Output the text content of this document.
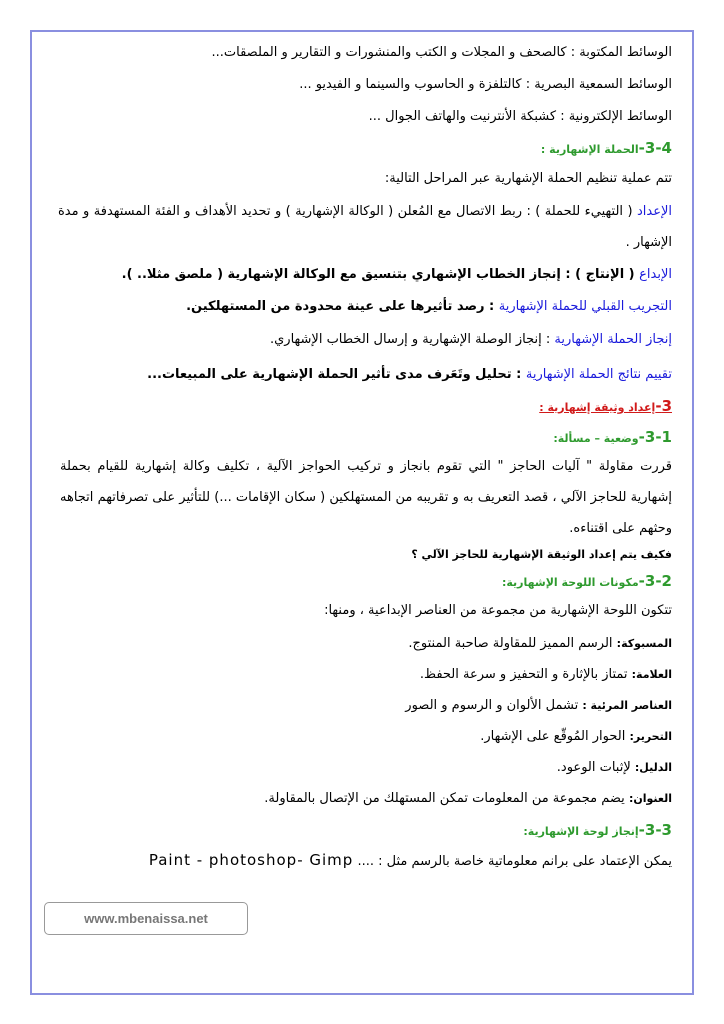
الوسائط المكتوبة : كالصحف و المجلات و الكتب والمنشورات و التقارير و الملصقات...
الوسائط السمعية البصرية : كالتلفزة و الحاسوب والسينما و الفيديو ...
الوسائط الإلكترونية : كشبكة الأنترنيت والهاتف الجوال ...
3-4-الحملة الإشهارية :
تتم عملية تنظيم الحملة الإشهارية عبر المراحل التالية:
الإعداد ( التهييء للحملة ) : ربط الاتصال مع المُعلن ( الوكالة الإشهارية ) و تحديد الأهداف و الفئة المستهدفة و مدة الإشهار .
الإبداع ( الإنتاج ) : إنجاز الخطاب الإشهاري بتنسيق مع الوكالة الإشهارية ( ملصق مثلا.. ).
التجريب القبلي للحملة الإشهارية : رصد تأثيرها على عينة محدودة من المستهلكين.
إنجاز الحملة الإشهارية : إنجاز الوصلة الإشهارية و إرسال الخطاب الإشهاري.
تقييم نتائج الحملة الإشهارية : تحليل وتَعَرف مدى تأثير الحملة الإشهارية على المبيعات...
3-إعداد وثيقة إشهارية :
3-1-وضعية – مسألة:
قررت مقاولة " آليات الحاجز " التي تقوم بانجاز و تركيب الحواجز الآلية ، تكليف وكالة إشهارية للقيام بحملة إشهارية للحاجز الآلي ، قصد التعريف به و تقريبه من المستهلكين ( سكان الإقامات ...) للتأثير على تصرفاتهم اتجاهه وحثهم على اقتناءه.
فكيف يتم إعداد الوثيقة الإشهارية للحاجز الآلي ؟
3-2-مكونات اللوحة الإشهارية:
تتكون اللوحة الإشهارية من مجموعة من العناصر الإبداعية ، ومنها:
المسبوكة: الرسم المميز للمقاولة صاحبة المنتوج.
العلامة: تمتاز بالإثارة و التحفيز و سرعة الحفظ.
العناصر المرئية : تشمل الألوان و الرسوم و الصور
التحرير: الحوار المُوقّع على الإشهار.
الدليل: لإثبات الوعود.
العنوان: يضم مجموعة من المعلومات تمكن المستهلك من الإتصال بالمقاولة.
3-3-إنجاز لوحة الإشهارية:
يمكن الإعتماد على برانم معلوماتية خاصة بالرسم مثل : .... Paint - photoshop- Gimp
www.mbenaissa.net
